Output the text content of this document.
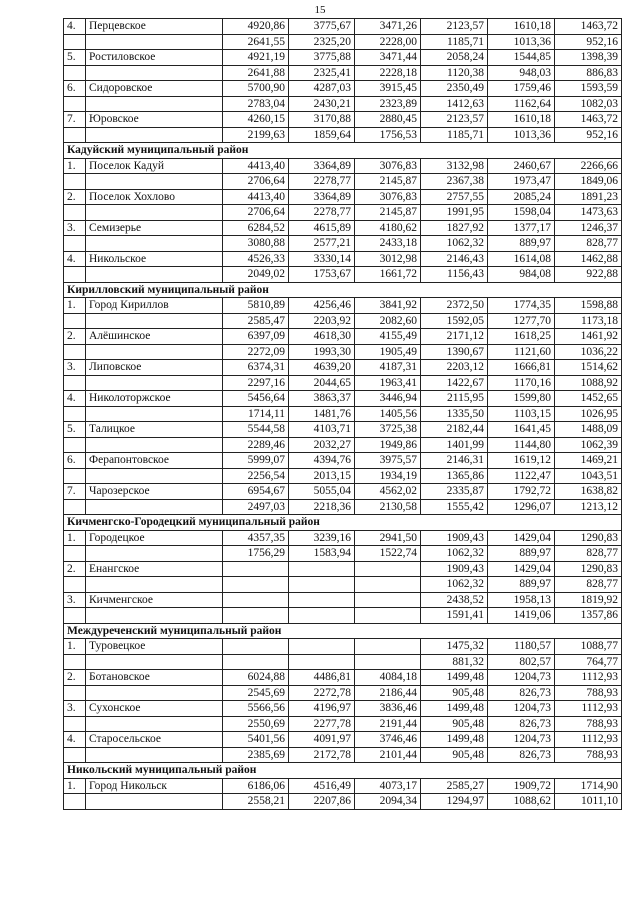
15
4.	Перцевское	4920,86	3775,67	3471,26	2123,57	1610,18	1463,72
		2641,55	2325,20	2228,00	1185,71	1013,36	952,16
5.	Ростиловское	4921,19	3775,88	3471,44	2058,24	1544,85	1398,39
		2641,88	2325,41	2228,18	1120,38	948,03	886,83
6.	Сидоровское	5700,90	4287,03	3915,45	2350,49	1759,46	1593,59
		2783,04	2430,21	2323,89	1412,63	1162,64	1082,03
7.	Юровское	4260,15	3170,88	2880,45	2123,57	1610,18	1463,72
		2199,63	1859,64	1756,53	1185,71	1013,36	952,16
Кадуйский муниципальный район							
1.	Поселок Кадуй	4413,40	3364,89	3076,83	3132,98	2460,67	2266,66
		2706,64	2278,77	2145,87	2367,38	1973,47	1849,06
2.	Поселок Хохлово	4413,40	3364,89	3076,83	2757,55	2085,24	1891,23
		2706,64	2278,77	2145,87	1991,95	1598,04	1473,63
3.	Семизерье	6284,52	4615,89	4180,62	1827,92	1377,17	1246,37
		3080,88	2577,21	2433,18	1062,32	889,97	828,77
4.	Никольское	4526,33	3330,14	3012,98	2146,43	1614,08	1462,88
		2049,02	1753,67	1661,72	1156,43	984,08	922,88
Кирилловский муниципальный район							
1.	Город Кириллов	5810,89	4256,46	3841,92	2372,50	1774,35	1598,88
		2585,47	2203,92	2082,60	1592,05	1277,70	1173,18
2.	Алёшинское	6397,09	4618,30	4155,49	2171,12	1618,25	1461,92
		2272,09	1993,30	1905,49	1390,67	1121,60	1036,22
3.	Липовское	6374,31	4639,20	4187,31	2203,12	1666,81	1514,62
		2297,16	2044,65	1963,41	1422,67	1170,16	1088,92
4.	Николоторжское	5456,64	3863,37	3446,94	2115,95	1599,80	1452,65
		1714,11	1481,76	1405,56	1335,50	1103,15	1026,95
5.	Талицкое	5544,58	4103,71	3725,38	2182,44	1641,45	1488,09
		2289,46	2032,27	1949,86	1401,99	1144,80	1062,39
6.	Ферапонтовское	5999,07	4394,76	3975,57	2146,31	1619,12	1469,21
		2256,54	2013,15	1934,19	1365,86	1122,47	1043,51
7.	Чарозерское	6954,67	5055,04	4562,02	2335,87	1792,72	1638,82
		2497,03	2218,36	2130,58	1555,42	1296,07	1213,12
Кичменгско-Городецкий муниципальный район							
1.	Городецкое	4357,35	3239,16	2941,50	1909,43	1429,04	1290,83
		1756,29	1583,94	1522,74	1062,32	889,97	828,77
2.	Енангское				1909,43	1429,04	1290,83
					1062,32	889,97	828,77
3.	Кичменгское				2438,52	1958,13	1819,92
					1591,41	1419,06	1357,86
Междуреченский муниципальный район							
1.	Туровецкое				1475,32	1180,57	1088,77
					881,32	802,57	764,77
2.	Ботановское	6024,88	4486,81	4084,18	1499,48	1204,73	1112,93
		2545,69	2272,78	2186,44	905,48	826,73	788,93
3.	Сухонское	5566,56	4196,97	3836,46	1499,48	1204,73	1112,93
		2550,69	2277,78	2191,44	905,48	826,73	788,93
4.	Старосельское	5401,56	4091,97	3746,46	1499,48	1204,73	1112,93
		2385,69	2172,78	2101,44	905,48	826,73	788,93
Никольский муниципальный район							
1.	Город Никольск	6186,06	4516,49	4073,17	2585,27	1909,72	1714,90
		2558,21	2207,86	2094,34	1294,97	1088,62	1011,10
